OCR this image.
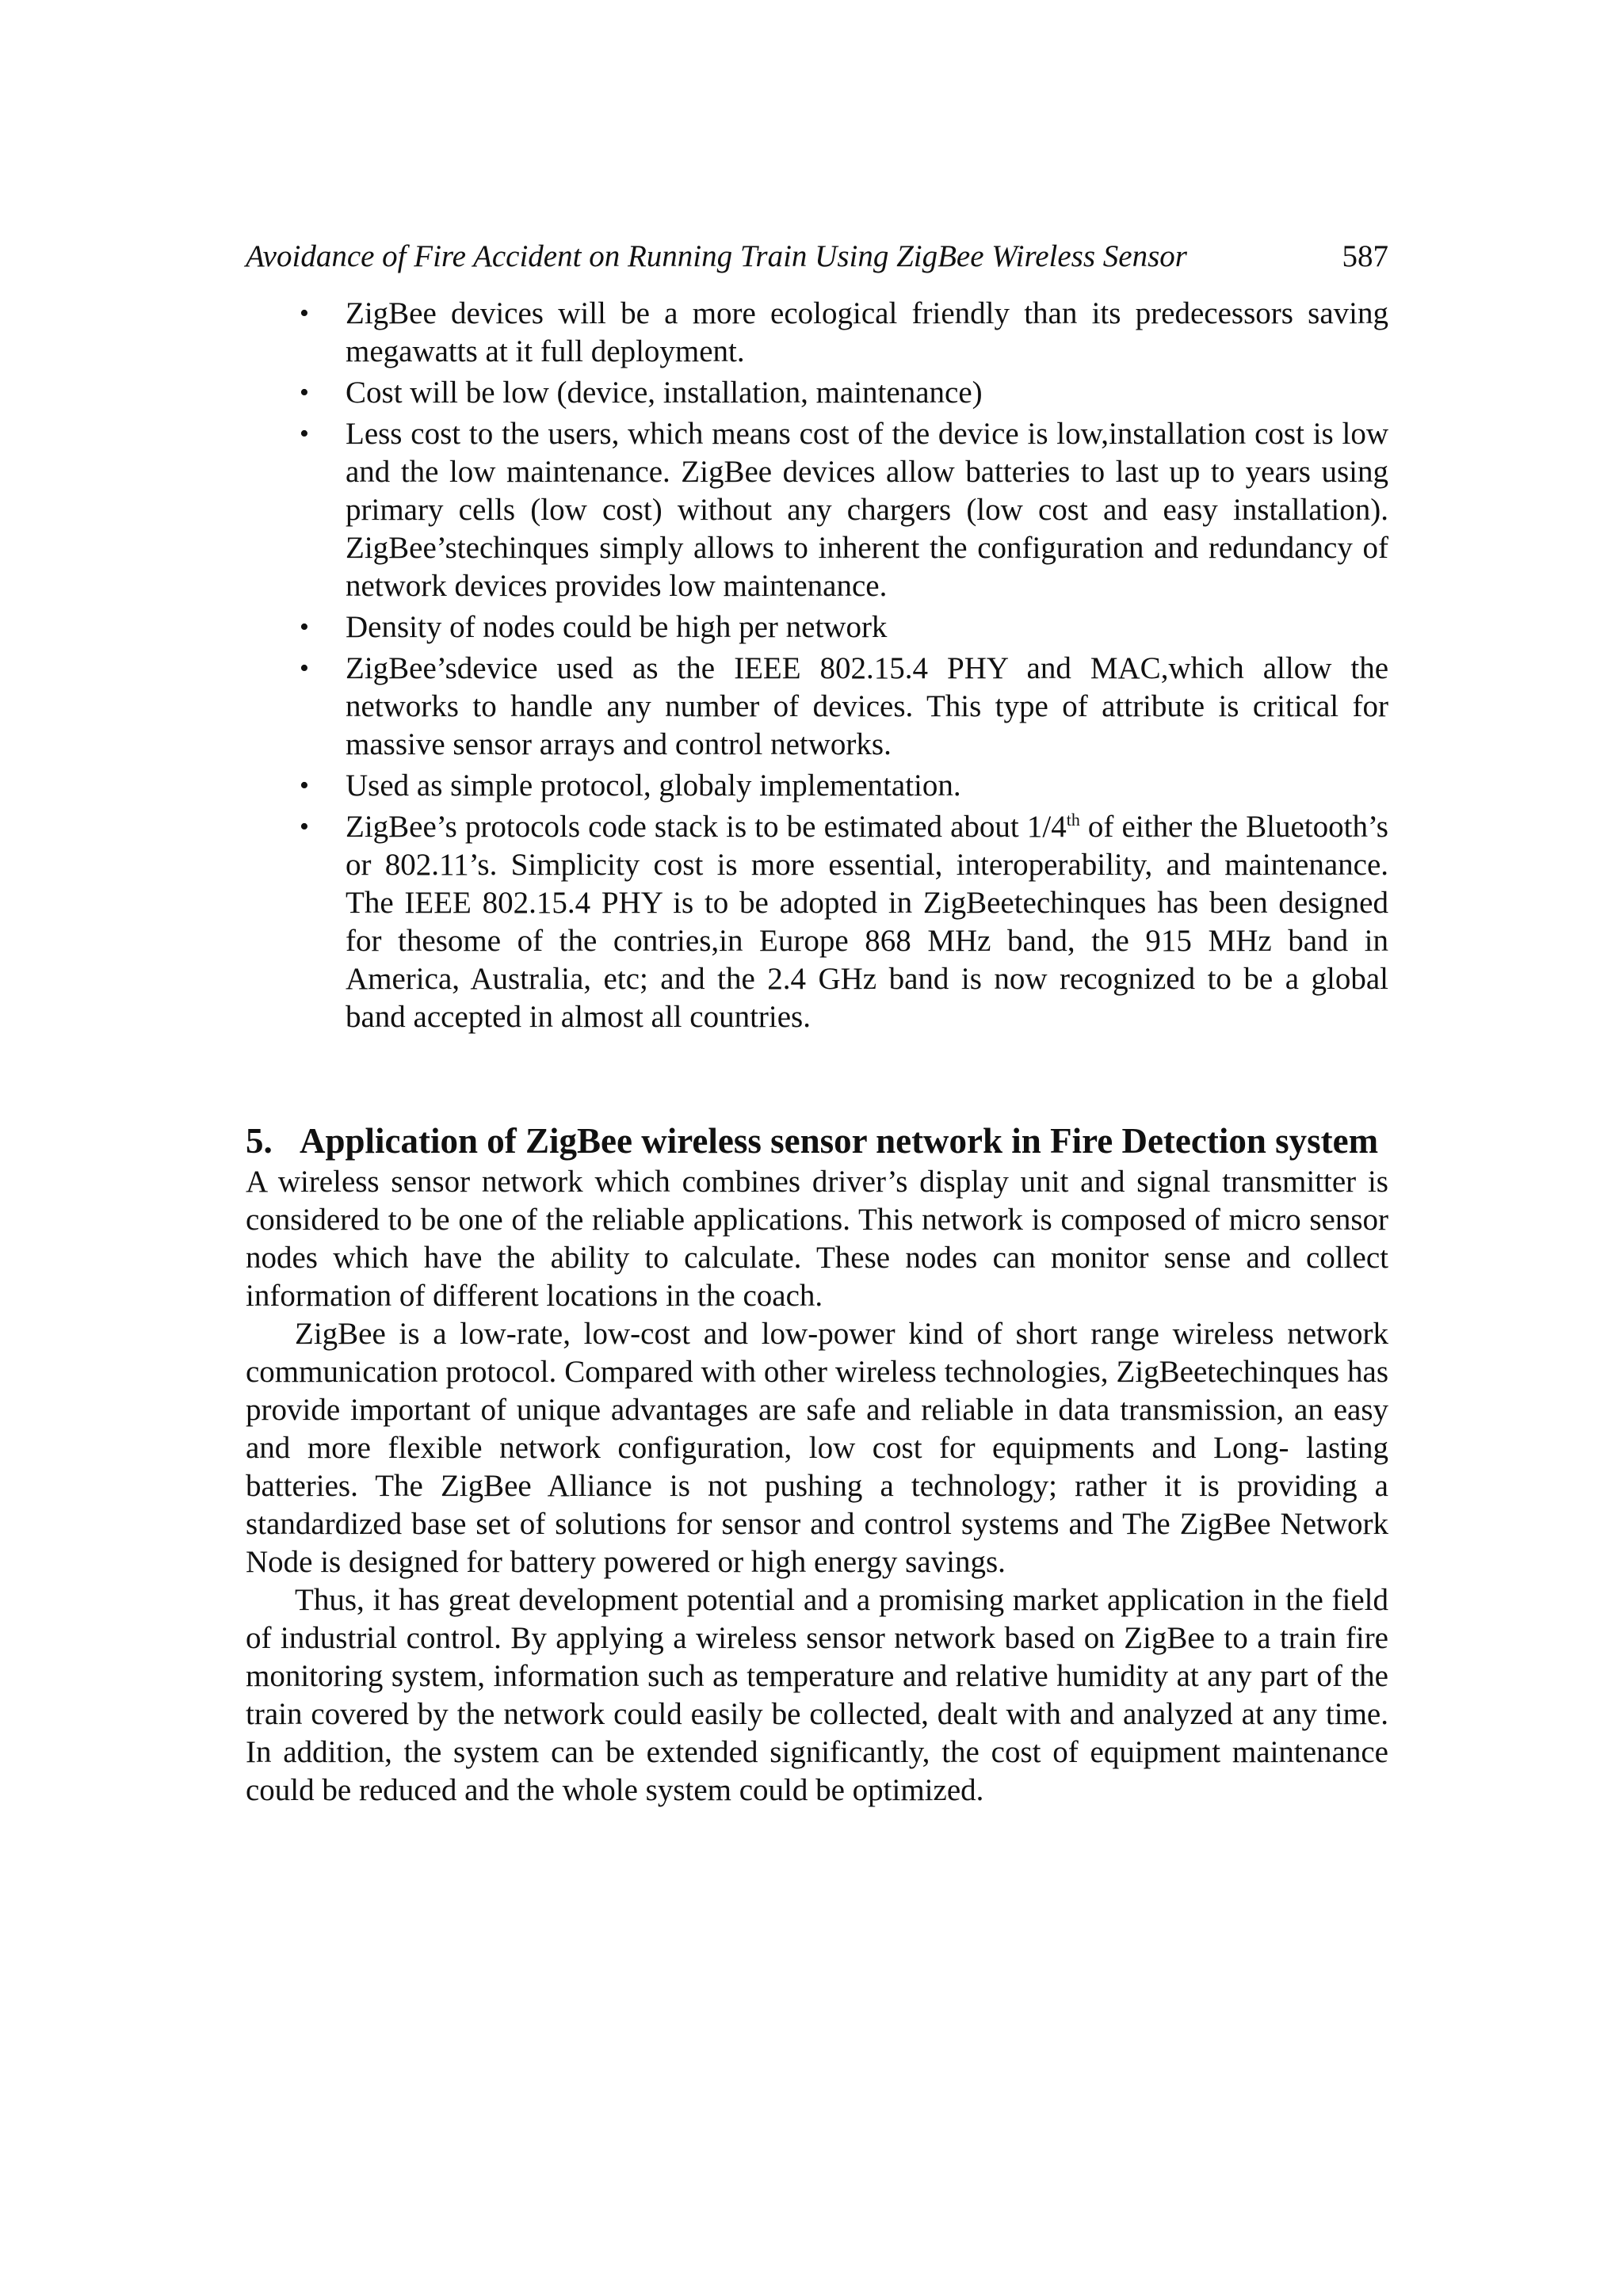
Avoidance of Fire Accident on Running Train Using ZigBee Wireless Sensor	587
• ZigBee devices will be a more ecological friendly than its predecessors saving megawatts at it full deployment.
• Cost will be low (device, installation, maintenance)
• Less cost to the users, which means cost of the device is low,installation cost is low and the low maintenance. ZigBee devices allow batteries to last up to years using primary cells (low cost) without any chargers (low cost and easy installation). ZigBee’stechinques simply allows to inherent the configuration and redundancy of network devices provides low maintenance.
• Density of nodes could be high per network
• ZigBee’sdevice used as the IEEE 802.15.4 PHY and MAC,which allow the networks to handle any number of devices. This type of attribute is critical for massive sensor arrays and control networks.
• Used as simple protocol, globaly implementation.
• ZigBee’s protocols code stack is to be estimated about 1/4th of either the Bluetooth’s or 802.11’s. Simplicity cost is more essential, interoperability, and maintenance. The IEEE 802.15.4 PHY is to be adopted in ZigBeetechinques has been designed for thesome of the contries,in Europe 868 MHz band, the 915 MHz band in America, Australia, etc; and the 2.4 GHz band is now recognized to be a global band accepted in almost all countries.
5. Application of ZigBee wireless sensor network in Fire Detection system

A wireless sensor network which combines driver’s display unit and signal transmitter is considered to be one of the reliable applications. This network is composed of micro sensor nodes which have the ability to calculate. These nodes can monitor sense and collect information of different locations in the coach.

ZigBee is a low-rate, low-cost and low-power kind of short range wireless network communication protocol. Compared with other wireless technologies, ZigBeetechinques has provide important of unique advantages are safe and reliable in data transmission, an easy and more flexible network configuration, low cost for equipments and Long- lasting batteries. The ZigBee Alliance is not pushing a technology; rather it is providing a standardized base set of solutions for sensor and control systems and The ZigBee Network Node is designed for battery powered or high energy savings.

Thus, it has great development potential and a promising market application in the field of industrial control. By applying a wireless sensor network based on ZigBee to a train fire monitoring system, information such as temperature and relative humidity at any part of the train covered by the network could easily be collected, dealt with and analyzed at any time. In addition, the system can be extended significantly, the cost of equipment maintenance could be reduced and the whole system could be optimized.
